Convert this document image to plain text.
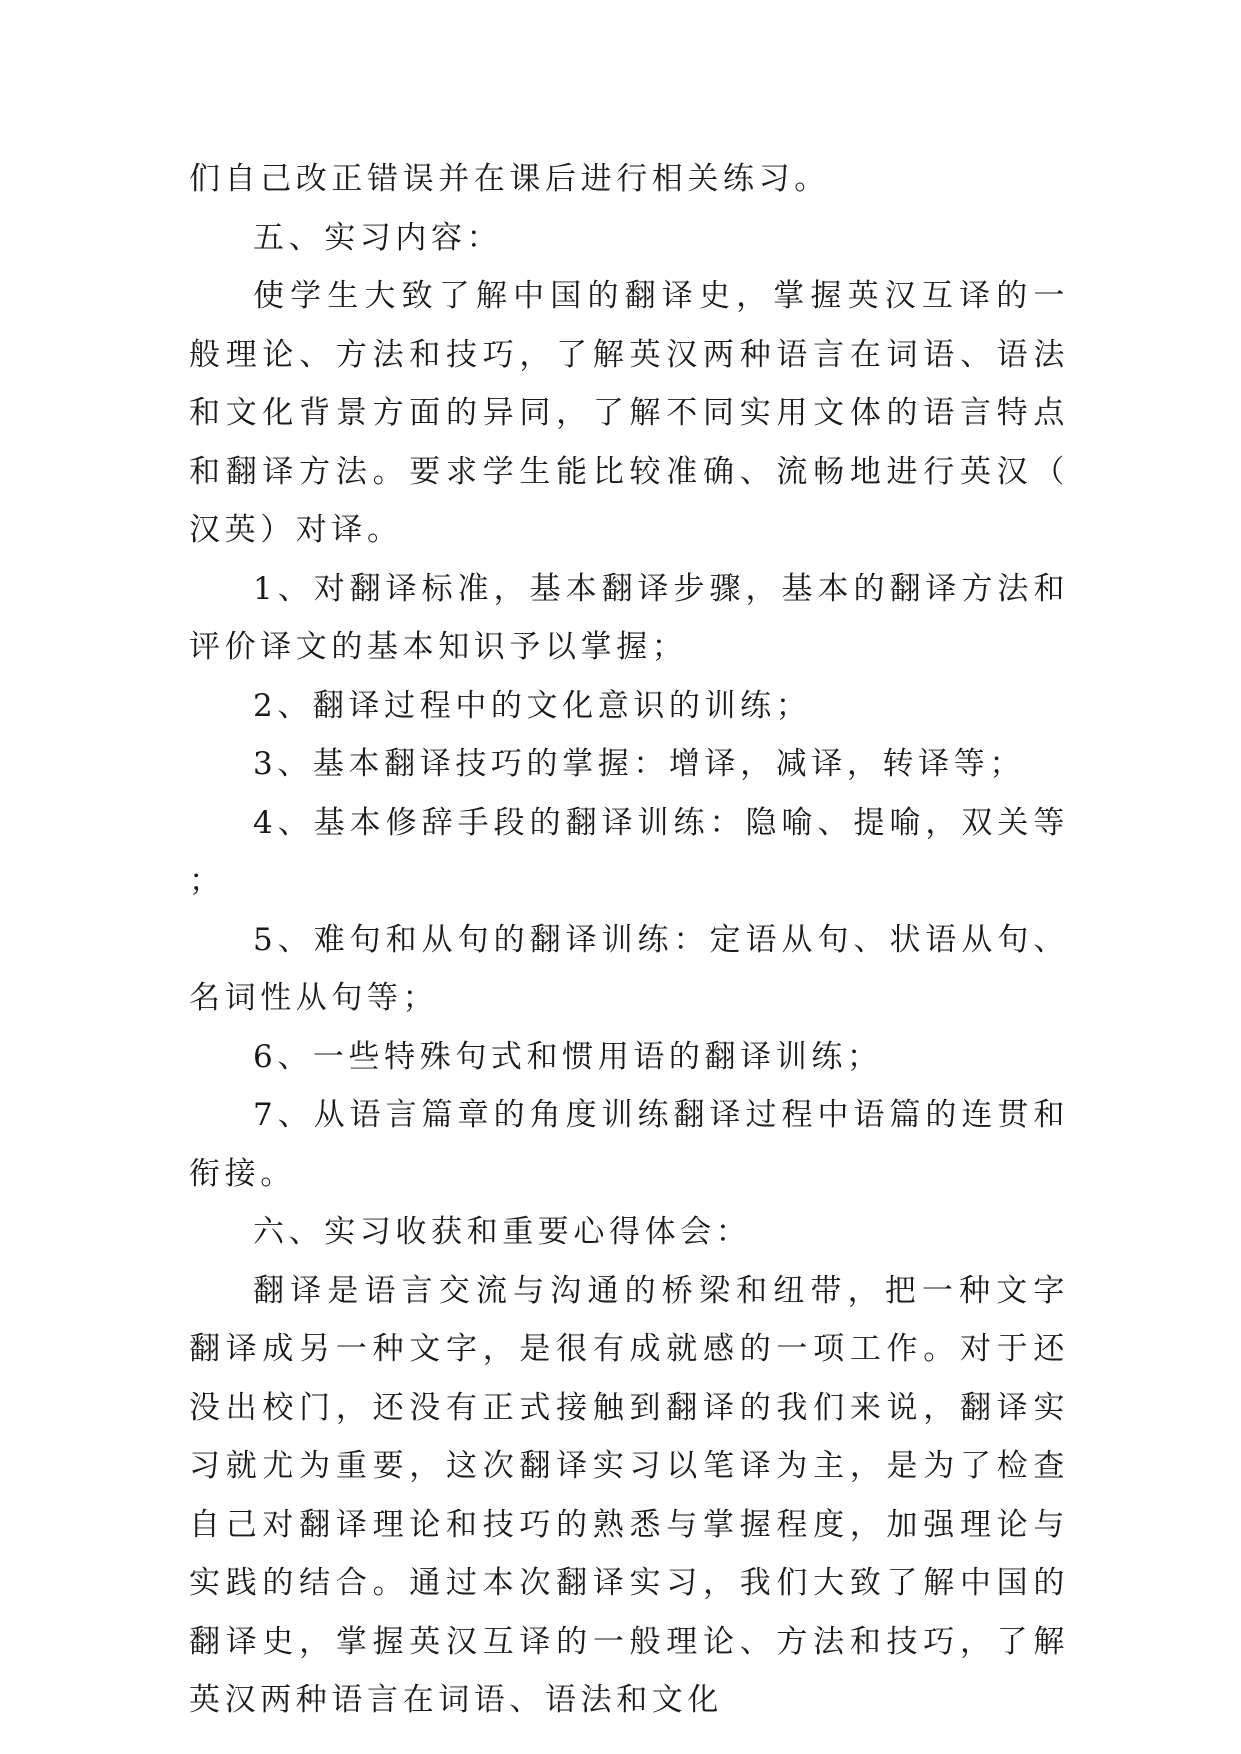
们自己改正错误并在课后进行相关练习。

五、实习内容：

使学生大致了解中国的翻译史，掌握英汉互译的一般理论、方法和技巧，了解英汉两种语言在词语、语法和文化背景方面的异同，了解不同实用文体的语言特点和翻译方法。要求学生能比较准确、流畅地进行英汉（汉英）对译。

1、对翻译标准，基本翻译步骤，基本的翻译方法和评价译文的基本知识予以掌握；

2、翻译过程中的文化意识的训练；

3、基本翻译技巧的掌握：增译，减译，转译等；

4、基本修辞手段的翻译训练：隐喻、提喻，双关等；

5、难句和从句的翻译训练：定语从句、状语从句、名词性从句等；

6、一些特殊句式和惯用语的翻译训练；

7、从语言篇章的角度训练翻译过程中语篇的连贯和衔接。

六、实习收获和重要心得体会：

翻译是语言交流与沟通的桥梁和纽带，把一种文字翻译成另一种文字，是很有成就感的一项工作。对于还没出校门，还没有正式接触到翻译的我们来说，翻译实习就尤为重要，这次翻译实习以笔译为主，是为了检查自己对翻译理论和技巧的熟悉与掌握程度，加强理论与实践的结合。通过本次翻译实习，我们大致了解中国的翻译史，掌握英汉互译的一般理论、方法和技巧，了解英汉两种语言在词语、语法和文化
